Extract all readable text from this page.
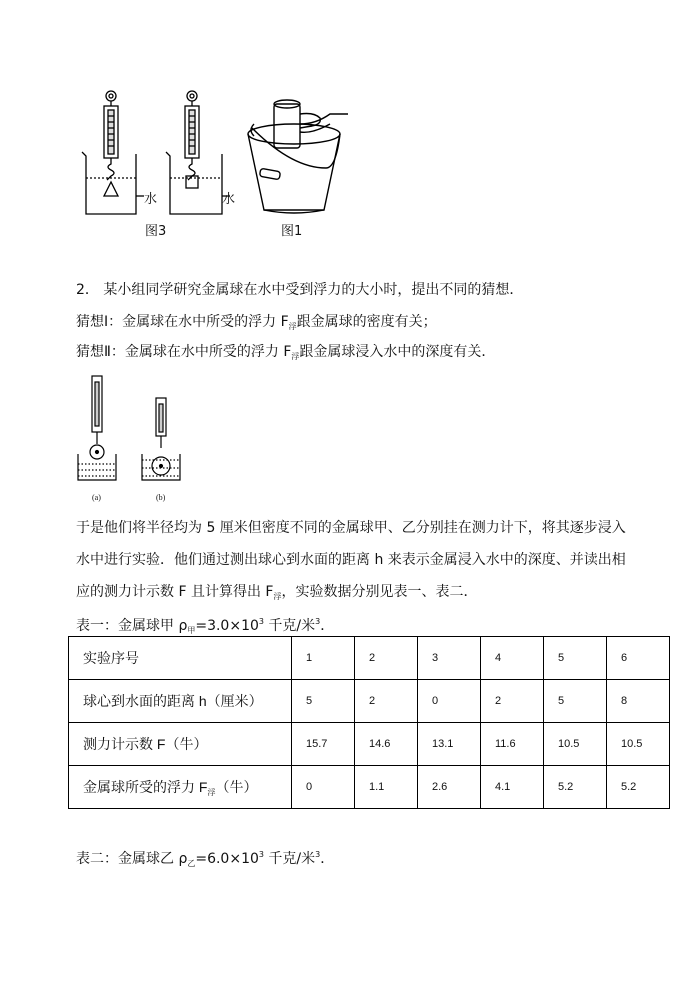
水	水
图3	图1
2． 某小组同学研究金属球在水中受到浮力的大小时，提出不同的猜想．
猜想Ⅰ：金属球在水中所受的浮力 $F_浮$跟金属球的密度有关；
猜想Ⅱ：金属球在水中所受的浮力 $F_浮$跟金属球浸入水中的深度有关．
(a)	(b)
于是他们将半径均为 5 厘米但密度不同的金属球甲、乙分别挂在测力计下，将其逐步浸入
水中进行实验．他们通过测出球心到水面的距离 h 来表示金属浸入水中的深度、并读出相
应的测力计示数 F 且计算得出 $F_浮$，实验数据分别见表一、表二．
表一：金属球甲 $\rho_甲=3.0\times 10^3$ 千克/米$^3$．
实验序号	1	2	3	4	5	6
球心到水面的距离 h（厘米）	5	2	0	2	5	8
测力计示数 F（牛）	15.7	14.6	13.1	11.6	10.5	10.5
金属球所受的浮力 $F_浮$（牛）	0	1.1	2.6	4.1	5.2	5.2
表二：金属球乙 $\rho_乙=6.0\times 10^3$ 千克/米$^3$．
